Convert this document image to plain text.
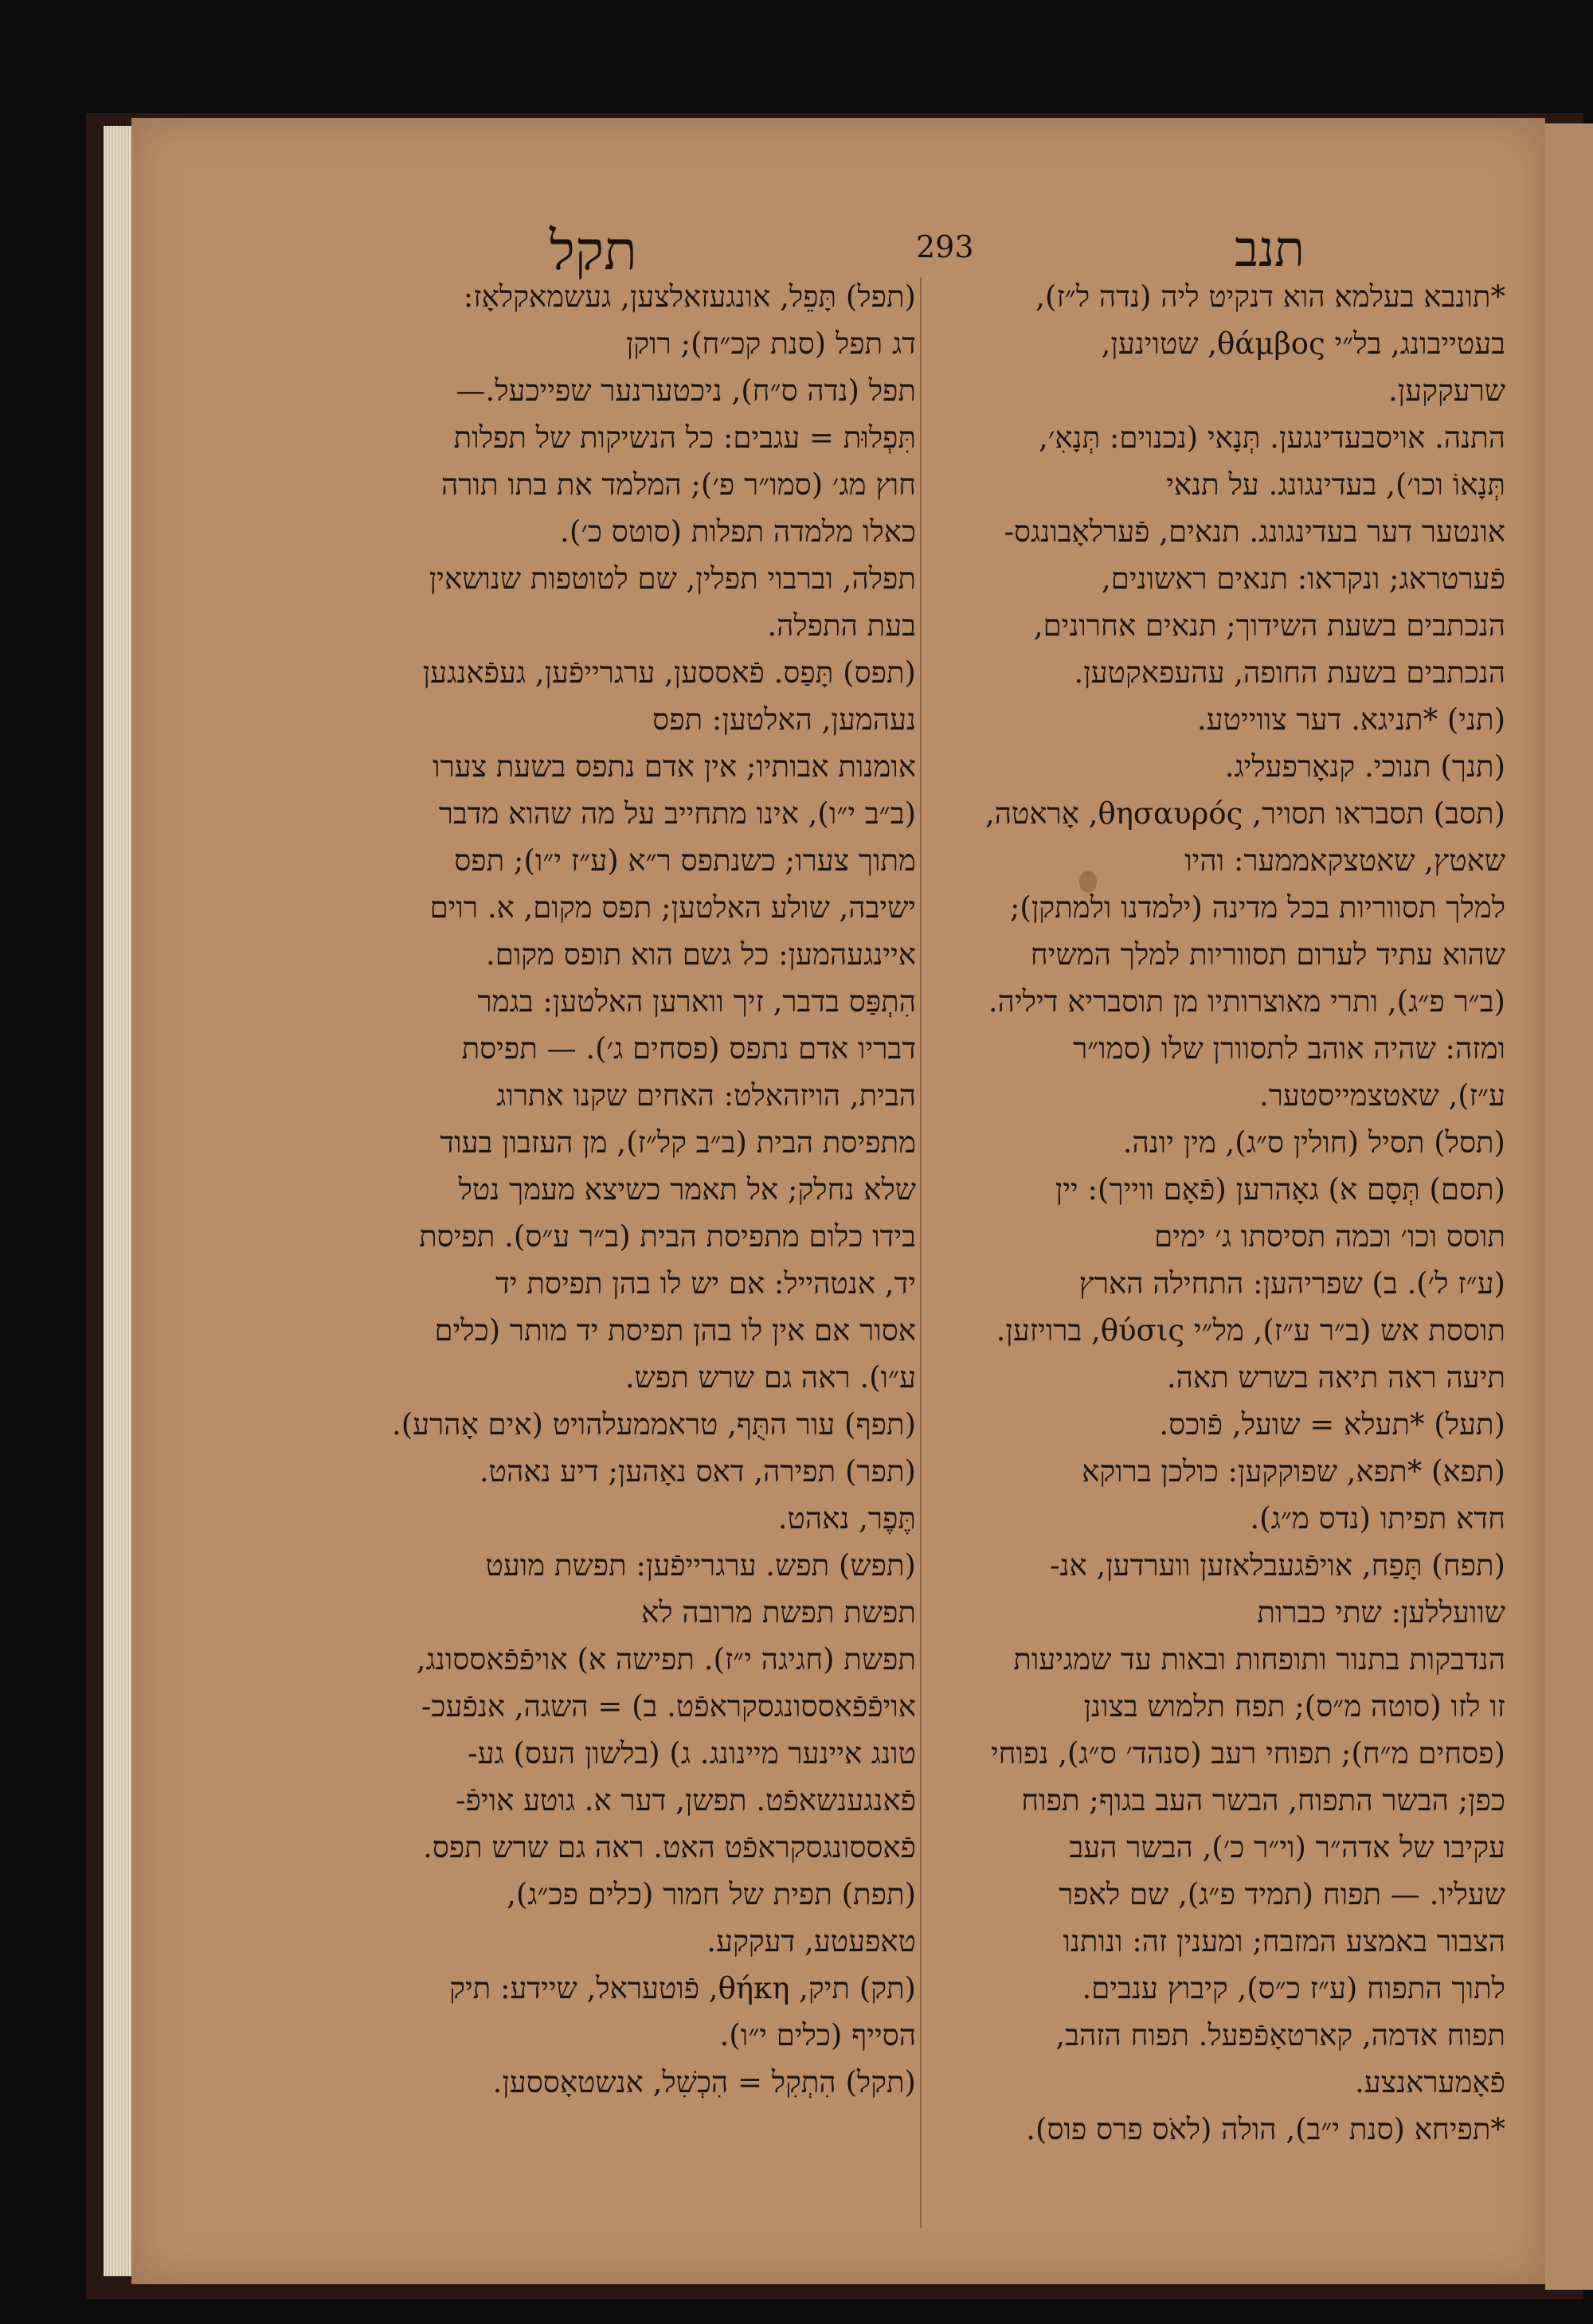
תקל	293	תנב
*תונבא בעלמא הוא דנקיט ליה (נדה ל״ז),
בעטייבונג, בל״י θάμβος, שטוינען,
שרעקקען.
התנה. אויסבעדינגען. תְּנָאי (נכנוים: תְּנָאִ׳,
תְּנָאוֹ וכו׳), בעדינגונג. על תנאי
אונטער דער בעדינגונג. תנאים, פֿערלאָבונגס-
פֿערטראג; ונקראו: תנאים ראשונים,
הנכתבים בשעת השידוך; תנאים אחרונים,
הנכתבים בשעת החופה, עהעפאקטען.
(תני) *תניגא. דער צווייטע.
(תנך) תנוכי. קנאָרפעליג.
(תסב) תסבראו תסויר, θησαυρός, אָראטה,
שאטץ, שאטצקאממער: והיו
למלך תסווריות בכל מדינה (ילמדנו ולמתקן);
שהוא עתיד לערום תסווריות למלך המשיח
(ב״ר פ״ג), ותרי מאוצרותיו מן תוסבריא דיליה.
ומזה: שהיה אוהב לתסוורן שלו (סמו״ר
ע״ז), שאטצמייסטער.
(תסל) תסיל (חולין ס״ג), מין יונה.
(תסם) תְּסָם א) גאָהרען (פֿאָם ווייך): יין
תוסס וכו׳ וכמה תסיסתו ג׳ ימים
(ע״ז ל׳). ב) שפריהען: התחילה הארץ
תוססת אש (ב״ר ע״ז), מל״י θύσις, ברויזען.
תיעה ראה תיאה בשרש תאה.
(תעל) *תעלא = שועל, פֿוכס.
(תפא) *תפא, שפוקקען: כולכן ברוקא
חדא תפיתו (נדס מ״ג).
(תפח) תָּפַח, אויפֿגעבלאזען ווערדען, אנ-
שוועללען: שתי כברות
הנדבקות בתנור ותופחות ובאות עד שמגיעות
זו לזו (סוטה מ״ס); תפח תלמוש בצונן
(פסחים מ״ח); תפוחי רעב (סנהד׳ ס״ג), נפוחי
כפן; הבשר התפוח, הבשר העב בגוף; תפוח
עקיבו של אדה״ר (וי״ר כ׳), הבשר העב
שעליו. — תפוח (תמיד פ״ג), שם לאפר
הצבור באמצע המזבח; ומענין זה: ונותנו
לתוך התפוח (ע״ז כ״ס), קיבוץ ענבים.
תפוח אדמה, קארטאָפֿפעל. תפוח הזהב,
פֿאָמעראנצע.
*תפיחא (סנת י״ב), הולה (לאֹס פרס פוס).
(תפל) תָּפֵל, אונגעזאלצען, געשמאקלאָז:
דג תפל (סנת קכ״ח); רוקן
תפל (נדה ס״ח), ניכטערנער שפייכעל.—
תִּפְלוּת = עגבים: כל הנשיקות של תפלות
חוץ מג׳ (סמו״ר פ׳); המלמד את בתו תורה
כאלו מלמדה תפלות (סוטס כ׳).
תפלה, וברבוי תפלין, שם לטוטפות שנושאין
בעת התפלה.
(תפס) תָּפַס. פֿאססען, ערגרייפֿען, געפֿאנגען
נעהמען, האלטען: תפס
אומנות אבותיו; אין אדם נתפס בשעת צערו
(ב״ב י״ו), אינו מתחייב על מה שהוא מדבר
מתוך צערו; כשנתפס ר״א (ע״ז י״ו); תפס
ישיבה, שולע האלטען; תפס מקום, א. רוים
איינגעהמען: כל גשם הוא תופס מקום.
הִתְפַּס בדבר, זיך ווארען האלטען: בגמר
דבריו אדם נתפס (פסחים ג׳). — תפיסת
הבית, הויזהאלט: האחים שקנו אתרוג
מתפיסת הבית (ב״ב קל״ז), מן העזבון בעוד
שלא נחלק; אל תאמר כשיצא מעמך נטל
בידו כלום מתפיסת הבית (ב״ר ע״ס). תפיסת
יד, אנטהייל: אם יש לו בהן תפיסת יד
אסור אם אין לו בהן תפיסת יד מותר (כלים
ע״ו). ראה גם שרש תפש.
(תפף) עור התֻּף, טראממעלהויט (אים אָהרע).
(תפר) תפירה, דאס נאָהען; דיע נאהט.
תֶּפֶר, נאהט.
(תפש) תפש. ערגרייפֿען: תפשת מועט
תפשת תפשת מרובה לא
תפשת (חגיגה י״ז). תפישה א) אויפֿפֿאססונג,
אויפֿפֿאססונגסקראפֿט. ב) = השגה, אנפֿעכ-
טונג איינער מיינונג. ג) (בלשון העס) גע-
פֿאנגענשאפֿט. תפשן, דער א. גוטע אויפֿ-
פֿאססונגסקראפֿט האט. ראה גם שרש תפס.
(תפת) תפית של חמור (כלים פכ״ג),
טאפעטע, דעקקע.
(תק) תיק, θήκη, פֿוטעראל, שיידע: תיק
הסייף (כלים י״ו).
(תקל) הִתְקִל = הִכְשִׁל, אנשטאָססען.
